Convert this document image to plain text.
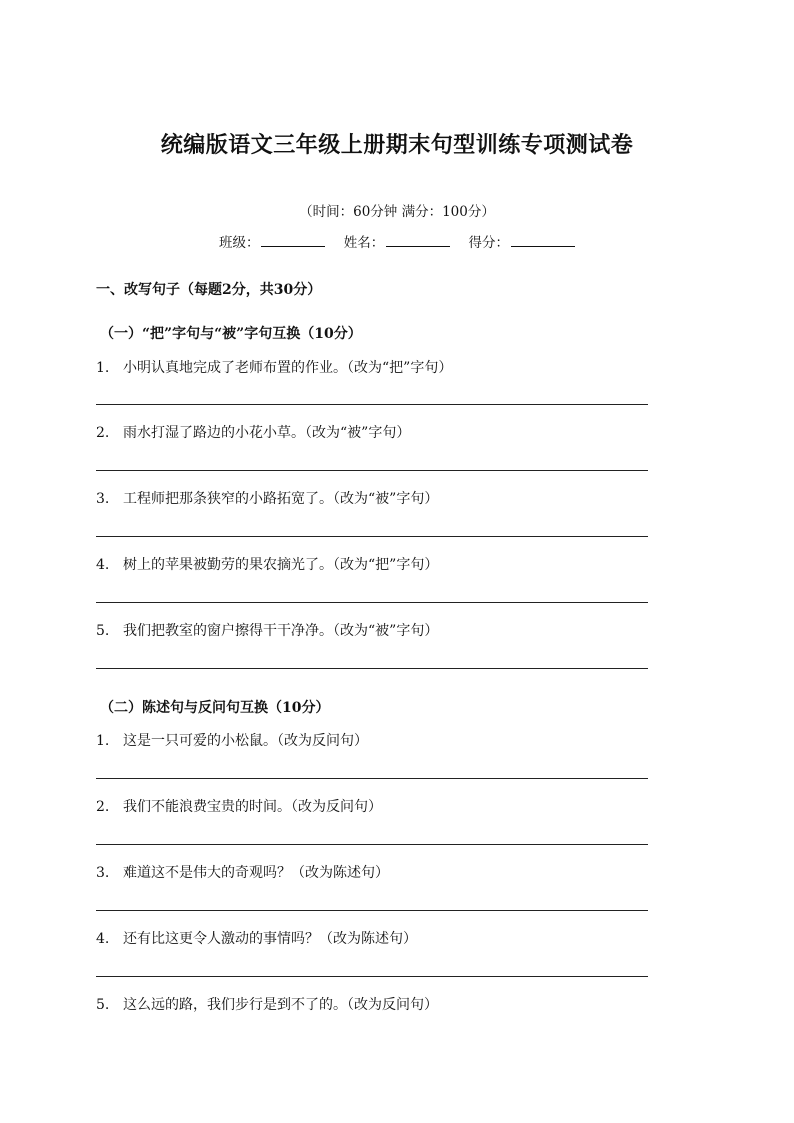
统编版语文三年级上册期末句型训练专项测试卷
（时间：60分钟 满分：100分）
班级：	姓名：	得分：
一、改写句子（每题2分，共30分）
（一）“把”字句与“被”字句互换（10分）
1. 小明认真地完成了老师布置的作业。（改为“把”字句）
2. 雨水打湿了路边的小花小草。（改为“被”字句）
3. 工程师把那条狭窄的小路拓宽了。（改为“被”字句）
4. 树上的苹果被勤劳的果农摘光了。（改为“把”字句）
5. 我们把教室的窗户擦得干干净净。（改为“被”字句）
（二）陈述句与反问句互换（10分）
1. 这是一只可爱的小松鼠。（改为反问句）
2. 我们不能浪费宝贵的时间。（改为反问句）
3. 难道这不是伟大的奇观吗？（改为陈述句）
4. 还有比这更令人激动的事情吗？（改为陈述句）
5. 这么远的路，我们步行是到不了的。（改为反问句）
